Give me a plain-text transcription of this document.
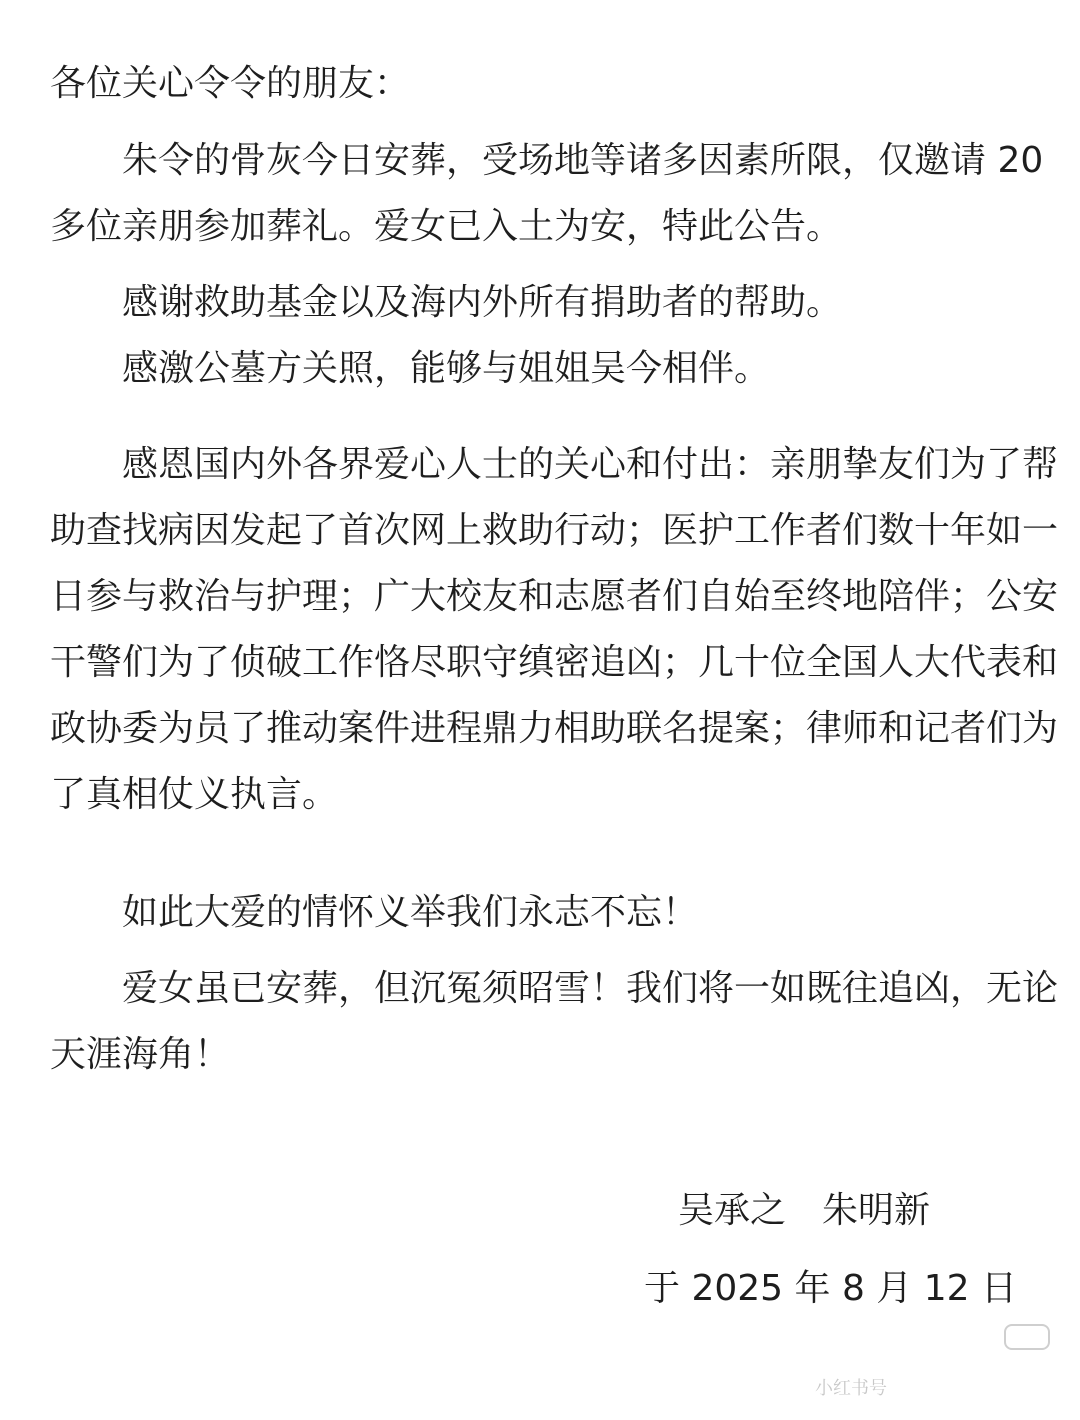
各位关心令令的朋友：
朱令的骨灰今日安葬，受场地等诸多因素所限，仅邀请 20
多位亲朋参加葬礼。爱女已入土为安，特此公告。
感谢救助基金以及海内外所有捐助者的帮助。
感激公墓方关照，能够与姐姐吴今相伴。
感恩国内外各界爱心人士的关心和付出：亲朋挚友们为了帮
助查找病因发起了首次网上救助行动；医护工作者们数十年如一
日参与救治与护理；广大校友和志愿者们自始至终地陪伴；公安
干警们为了侦破工作恪尽职守缜密追凶；几十位全国人大代表和
政协委为员了推动案件进程鼎力相助联名提案；律师和记者们为
了真相仗义执言。
如此大爱的情怀义举我们永志不忘！
爱女虽已安葬，但沉冤须昭雪！我们将一如既往追凶，无论
天涯海角！
吴承之　朱明新
于 2025 年 8 月 12 日
小红书号
